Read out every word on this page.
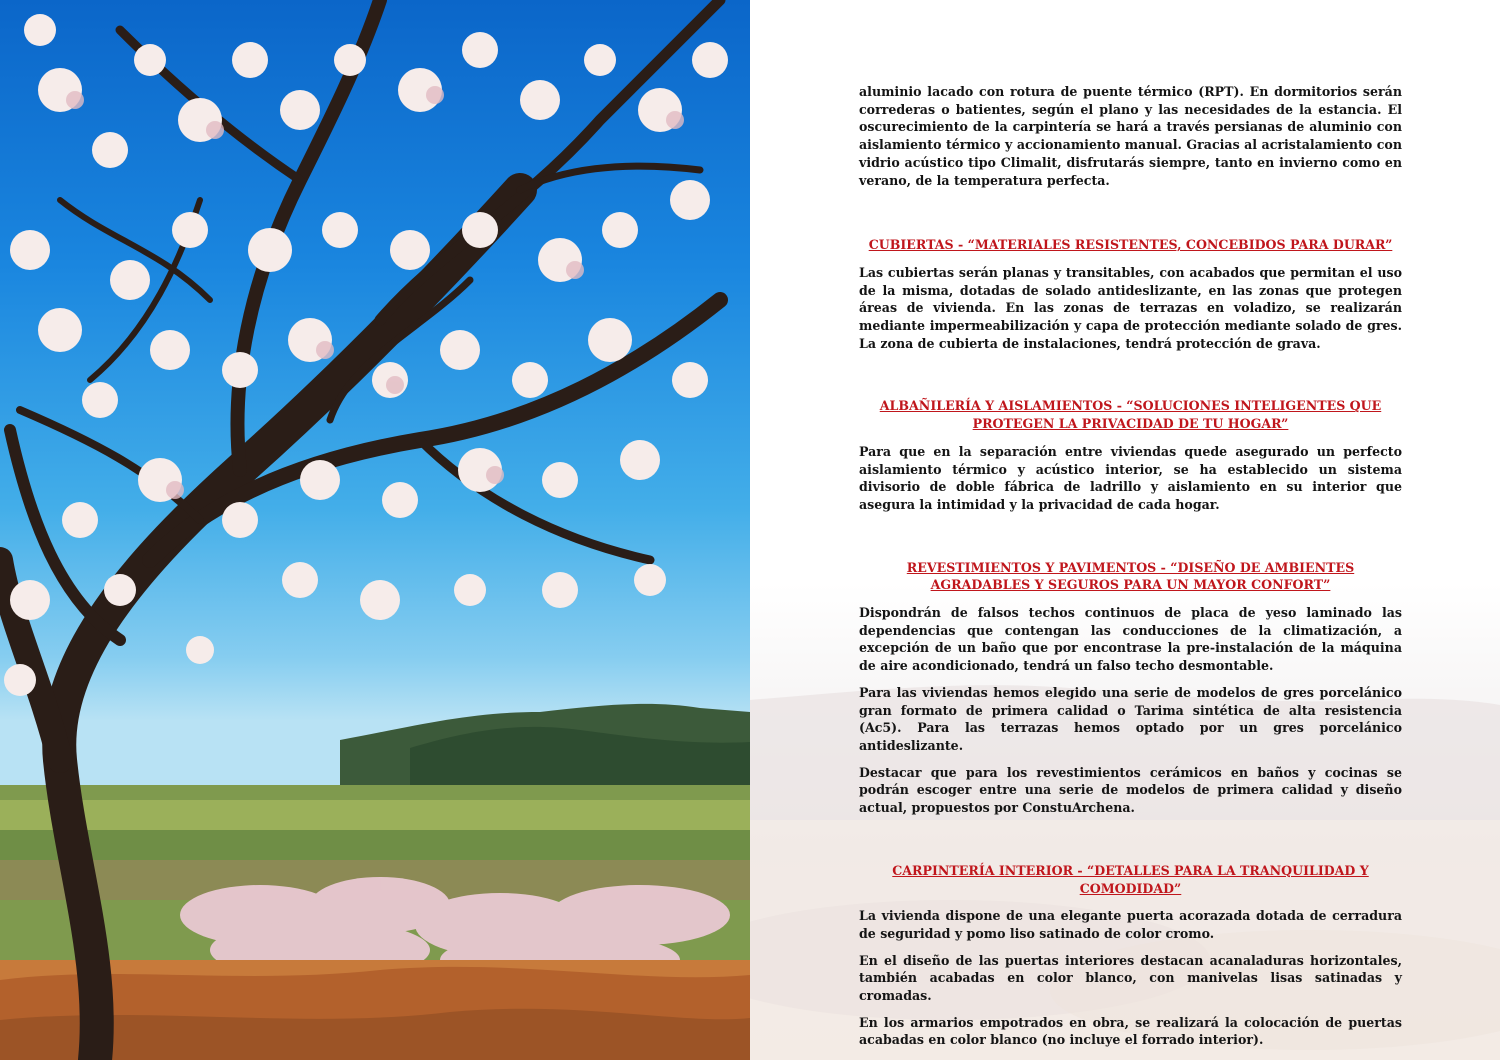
aluminio lacado con rotura de puente térmico (RPT). En dormitorios serán correderas o batientes, según el plano y las necesidades de la estancia. El oscurecimiento de la carpintería se hará a través persianas de aluminio con aislamiento térmico y accionamiento manual. Gracias al acristalamiento con vidrio acústico tipo Climalit, disfrutarás siempre, tanto en invierno como en verano, de la temperatura perfecta.

CUBIERTAS - “MATERIALES RESISTENTES, CONCEBIDOS PARA DURAR”

Las cubiertas serán planas y transitables, con acabados que permitan el uso de la misma, dotadas de solado antideslizante, en las zonas que protegen áreas de vivienda. En las zonas de terrazas en voladizo, se realizarán mediante impermeabilización y capa de protección mediante solado de gres. La zona de cubierta de instalaciones, tendrá protección de grava.

ALBAÑILERÍA Y AISLAMIENTOS - “SOLUCIONES INTELIGENTES QUE PROTEGEN LA PRIVACIDAD DE TU HOGAR”

Para que en la separación entre viviendas quede asegurado un perfecto aislamiento térmico y acústico interior, se ha establecido un sistema divisorio de doble fábrica de ladrillo y aislamiento en su interior que asegura la intimidad y la privacidad de cada hogar.

REVESTIMIENTOS Y PAVIMENTOS - “DISEÑO DE AMBIENTES AGRADABLES Y SEGUROS PARA UN MAYOR CONFORT”

Dispondrán de falsos techos continuos de placa de yeso laminado las dependencias que contengan las conducciones de la climatización, a excepción de un baño que por encontrase la pre-instalación de la máquina de aire acondicionado, tendrá un falso techo desmontable.

Para las viviendas hemos elegido una serie de modelos de gres porcelánico gran formato de primera calidad o Tarima sintética de alta resistencia (Ac5). Para las terrazas hemos optado por un gres porcelánico antideslizante.

Destacar que para los revestimientos cerámicos en baños y cocinas se podrán escoger entre una serie de modelos de primera calidad y diseño actual, propuestos por ConstuArchena.

CARPINTERÍA INTERIOR - “DETALLES PARA LA TRANQUILIDAD Y COMODIDAD”

La vivienda dispone de una elegante puerta acorazada dotada de cerradura de seguridad y pomo liso satinado de color cromo.

En el diseño de las puertas interiores destacan acanaladuras horizontales, también acabadas en color blanco, con manivelas lisas satinadas y cromadas.

En los armarios empotrados en obra, se realizará la colocación de puertas acabadas en color blanco (no incluye el forrado interior).
